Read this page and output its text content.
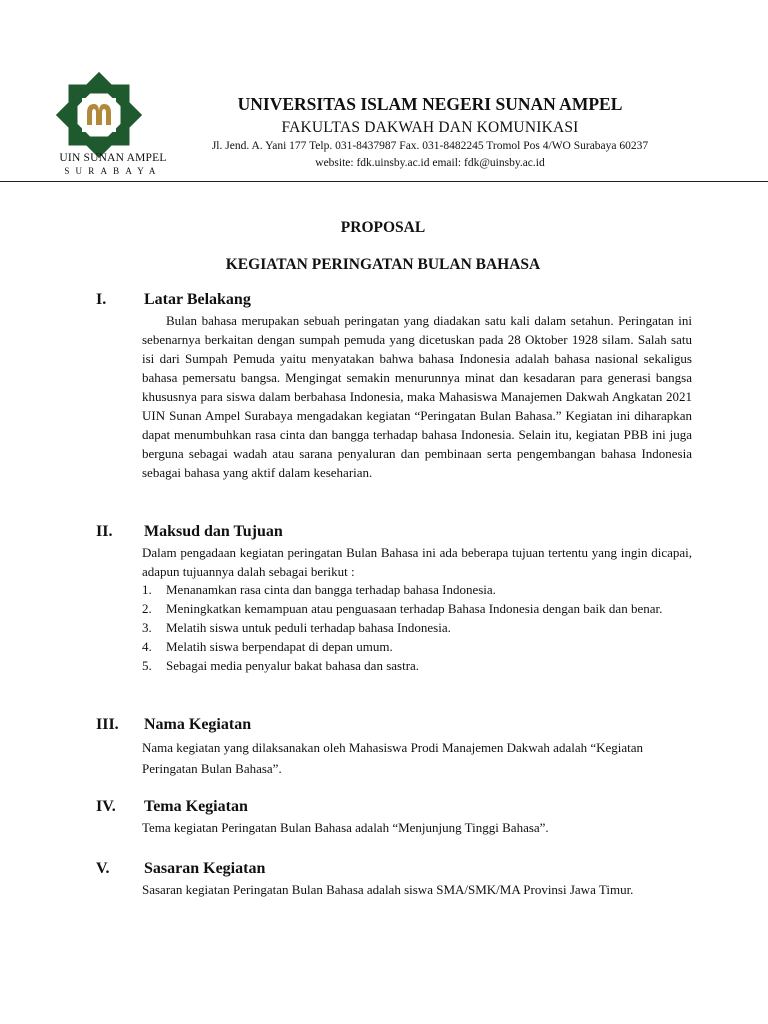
UIN SUNAN AMPEL
SURABAYA
UNIVERSITAS ISLAM NEGERI SUNAN AMPEL
FAKULTAS DAKWAH DAN KOMUNIKASI
Jl. Jend. A. Yani 177 Telp. 031-8437987 Fax. 031-8482245 Tromol Pos 4/WO Surabaya 60237
website: fdk.uinsby.ac.id email: fdk@uinsby.ac.id
PROPOSAL
KEGIATAN PERINGATAN BULAN BAHASA
I. Latar Belakang
Bulan bahasa merupakan sebuah peringatan yang diadakan satu kali dalam setahun. Peringatan ini sebenarnya berkaitan dengan sumpah pemuda yang dicetuskan pada 28 Oktober 1928 silam. Salah satu isi dari Sumpah Pemuda yaitu menyatakan bahwa bahasa Indonesia adalah bahasa nasional sekaligus bahasa pemersatu bangsa. Mengingat semakin menurunnya minat dan kesadaran para generasi bangsa khususnya para siswa dalam berbahasa Indonesia, maka Mahasiswa Manajemen Dakwah Angkatan 2021 UIN Sunan Ampel Surabaya mengadakan kegiatan “Peringatan Bulan Bahasa.” Kegiatan ini diharapkan dapat menumbuhkan rasa cinta dan bangga terhadap bahasa Indonesia. Selain itu, kegiatan PBB ini juga berguna sebagai wadah atau sarana penyaluran dan pembinaan serta pengembangan bahasa Indonesia sebagai bahasa yang aktif dalam keseharian.
II. Maksud dan Tujuan
Dalam pengadaan kegiatan peringatan Bulan Bahasa ini ada beberapa tujuan tertentu yang ingin dicapai, adapun tujuannya dalah sebagai berikut :
1. Menanamkan rasa cinta dan bangga terhadap bahasa Indonesia.
2. Meningkatkan kemampuan atau penguasaan terhadap Bahasa Indonesia dengan baik dan benar.
3. Melatih siswa untuk peduli terhadap bahasa Indonesia.
4. Melatih siswa berpendapat di depan umum.
5. Sebagai media penyalur bakat bahasa dan sastra.
III. Nama Kegiatan
Nama kegiatan yang dilaksanakan oleh Mahasiswa Prodi Manajemen Dakwah adalah “Kegiatan Peringatan Bulan Bahasa”.
IV. Tema Kegiatan
Tema kegiatan Peringatan Bulan Bahasa adalah “Menjunjung Tinggi Bahasa”.
V. Sasaran Kegiatan
Sasaran kegiatan Peringatan Bulan Bahasa adalah siswa SMA/SMK/MA Provinsi Jawa Timur.
